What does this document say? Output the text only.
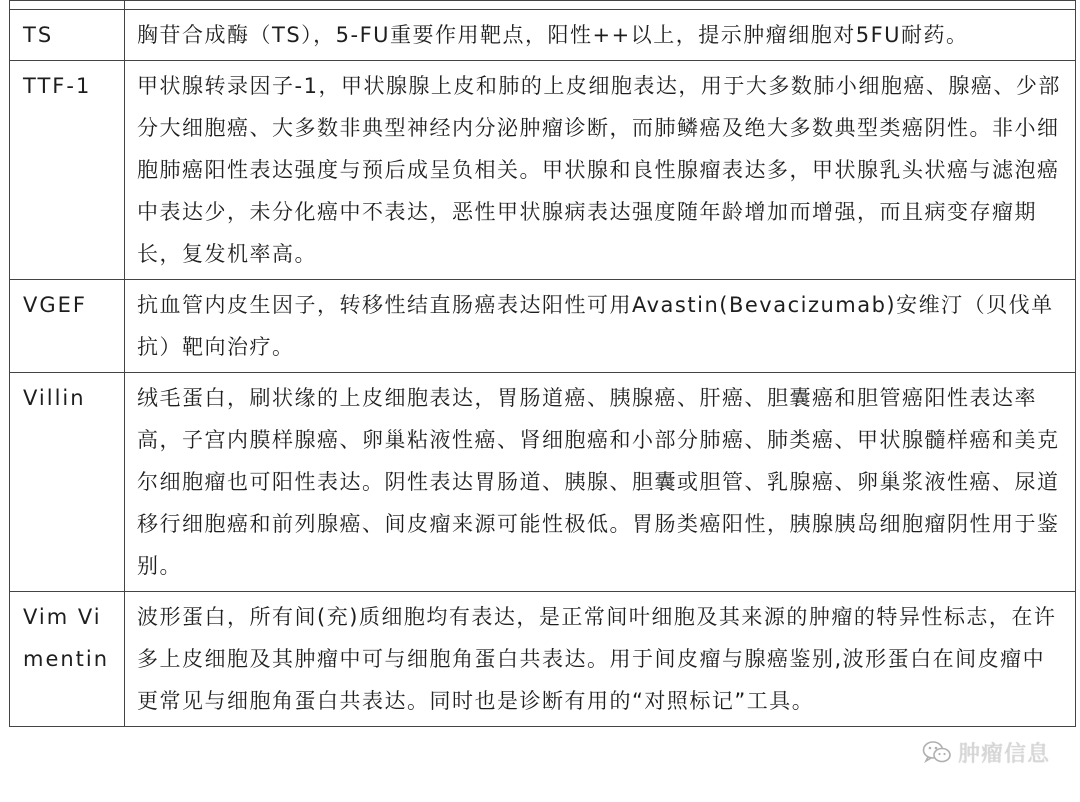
TS	胸苷合成酶（TS），5-FU重要作用靶点，阳性++以上，提示肿瘤细胞对5FU耐药。
TTF-1	甲状腺转录因子-1，甲状腺腺上皮和肺的上皮细胞表达，用于大多数肺小细胞癌、腺癌、少部分大细胞癌、大多数非典型神经内分泌肿瘤诊断，而肺鳞癌及绝大多数典型类癌阴性。非小细胞肺癌阳性表达强度与预后成呈负相关。甲状腺和良性腺瘤表达多，甲状腺乳头状癌与滤泡癌中表达少，未分化癌中不表达，恶性甲状腺病表达强度随年龄增加而增强，而且病变存瘤期长，复发机率高。
VGEF	抗血管内皮生因子，转移性结直肠癌表达阳性可用Avastin(Bevacizumab)安维汀（贝伐单抗）靶向治疗。
Villin	绒毛蛋白，刷状缘的上皮细胞表达，胃肠道癌、胰腺癌、肝癌、胆囊癌和胆管癌阳性表达率高，子宫内膜样腺癌、卵巢粘液性癌、肾细胞癌和小部分肺癌、肺类癌、甲状腺髓样癌和美克尔细胞瘤也可阳性表达。阴性表达胃肠道、胰腺、胆囊或胆管、乳腺癌、卵巢浆液性癌、尿道移行细胞癌和前列腺癌、间皮瘤来源可能性极低。胃肠类癌阳性，胰腺胰岛细胞瘤阴性用于鉴别。
Vim Vimentin	波形蛋白，所有间(充)质细胞均有表达，是正常间叶细胞及其来源的肿瘤的特异性标志，在许多上皮细胞及其肿瘤中可与细胞角蛋白共表达。用于间皮瘤与腺癌鉴别,波形蛋白在间皮瘤中更常见与细胞角蛋白共表达。同时也是诊断有用的“对照标记”工具。
肿瘤信息
